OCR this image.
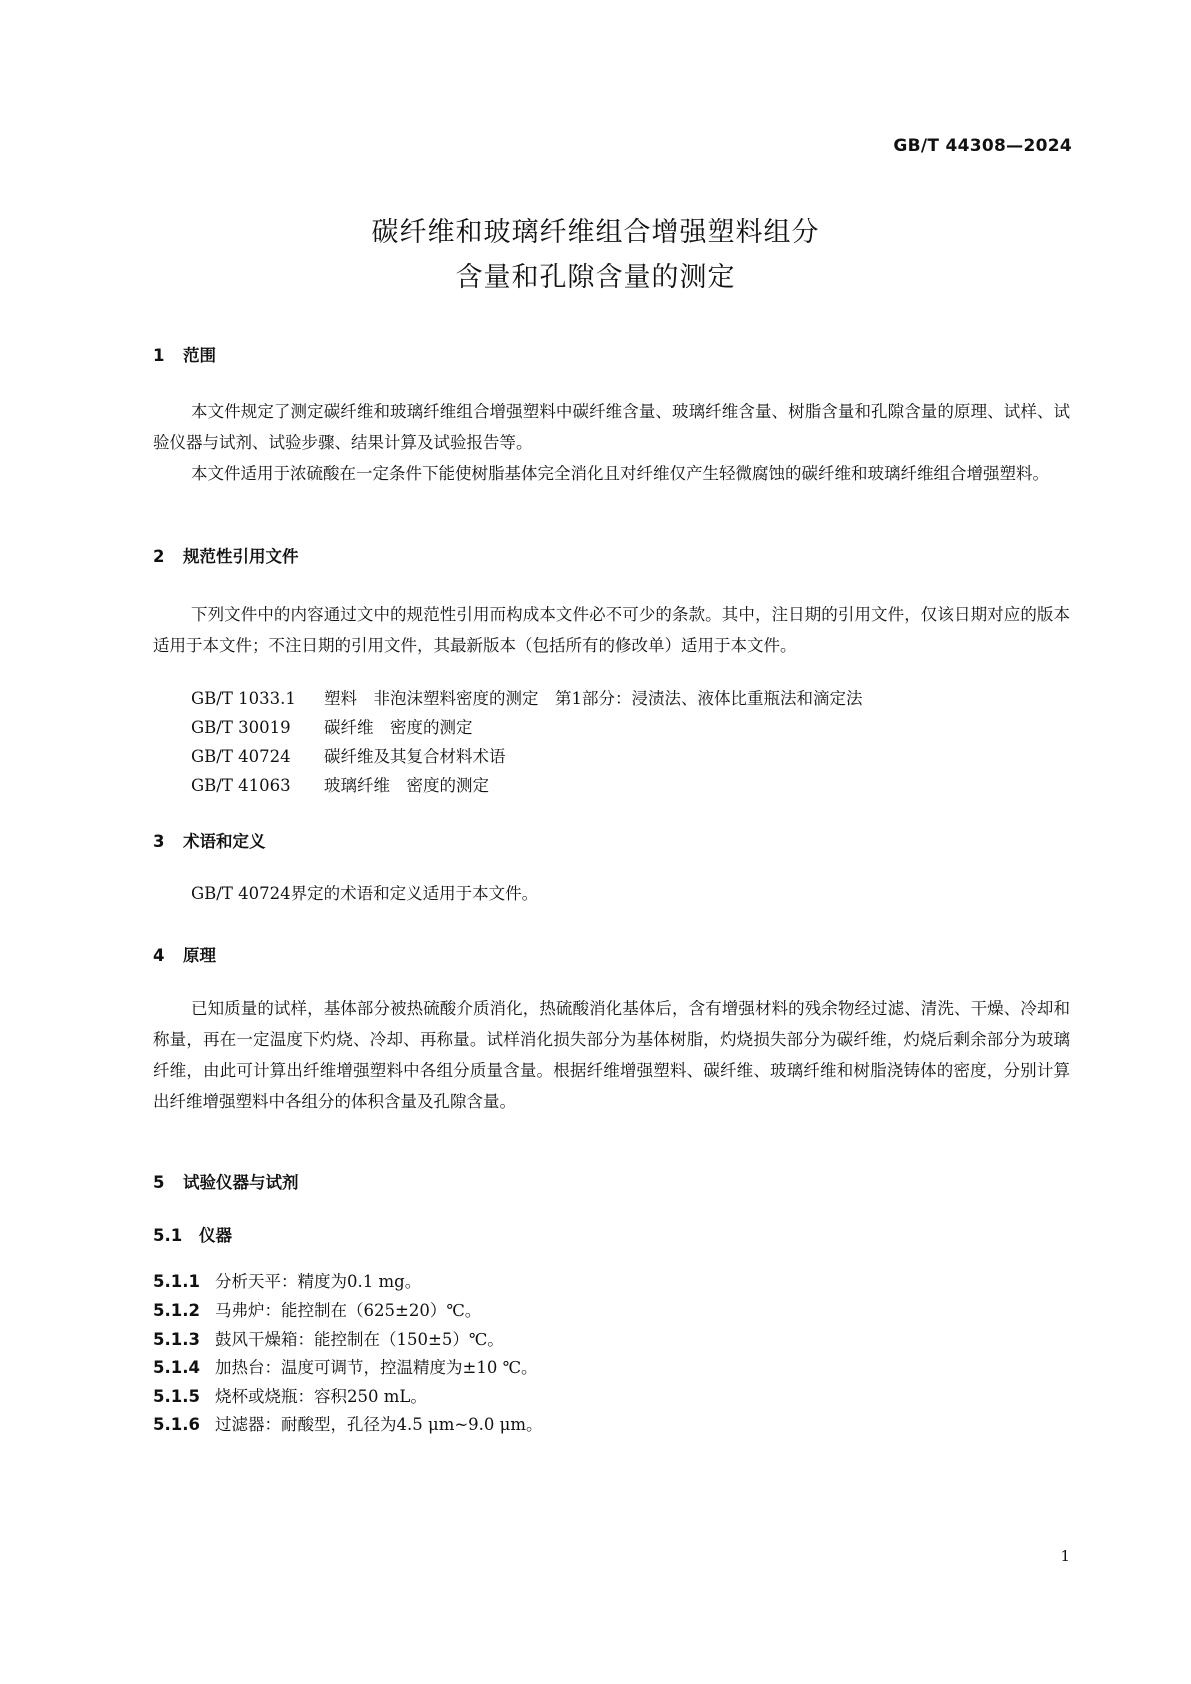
GB/T 44308—2024
碳纤维和玻璃纤维组合增强塑料组分
含量和孔隙含量的测定
1 范围
本文件规定了测定碳纤维和玻璃纤维组合增强塑料中碳纤维含量、玻璃纤维含量、树脂含量和孔隙含量的原理、试样、试验仪器与试剂、试验步骤、结果计算及试验报告等。
本文件适用于浓硫酸在一定条件下能使树脂基体完全消化且对纤维仅产生轻微腐蚀的碳纤维和玻璃纤维组合增强塑料。
2 规范性引用文件
下列文件中的内容通过文中的规范性引用而构成本文件必不可少的条款。其中，注日期的引用文件，仅该日期对应的版本适用于本文件；不注日期的引用文件，其最新版本（包括所有的修改单）适用于本文件。
GB/T 1033.1 塑料　非泡沫塑料密度的测定　第1部分：浸渍法、液体比重瓶法和滴定法
GB/T 30019 碳纤维　密度的测定
GB/T 40724 碳纤维及其复合材料术语
GB/T 41063 玻璃纤维　密度的测定
3 术语和定义
GB/T 40724界定的术语和定义适用于本文件。
4 原理
已知质量的试样，基体部分被热硫酸介质消化，热硫酸消化基体后，含有增强材料的残余物经过滤、清洗、干燥、冷却和称量，再在一定温度下灼烧、冷却、再称量。试样消化损失部分为基体树脂，灼烧损失部分为碳纤维，灼烧后剩余部分为玻璃纤维，由此可计算出纤维增强塑料中各组分质量含量。根据纤维增强塑料、碳纤维、玻璃纤维和树脂浇铸体的密度，分别计算出纤维增强塑料中各组分的体积含量及孔隙含量。
5 试验仪器与试剂
5.1 仪器
5.1.1 分析天平：精度为0.1 mg。
5.1.2 马弗炉：能控制在（625±20）℃。
5.1.3 鼓风干燥箱：能控制在（150±5）℃。
5.1.4 加热台：温度可调节，控温精度为±10 ℃。
5.1.5 烧杯或烧瓶：容积250 mL。
5.1.6 过滤器：耐酸型，孔径为4.5 μm~9.0 μm。
1
